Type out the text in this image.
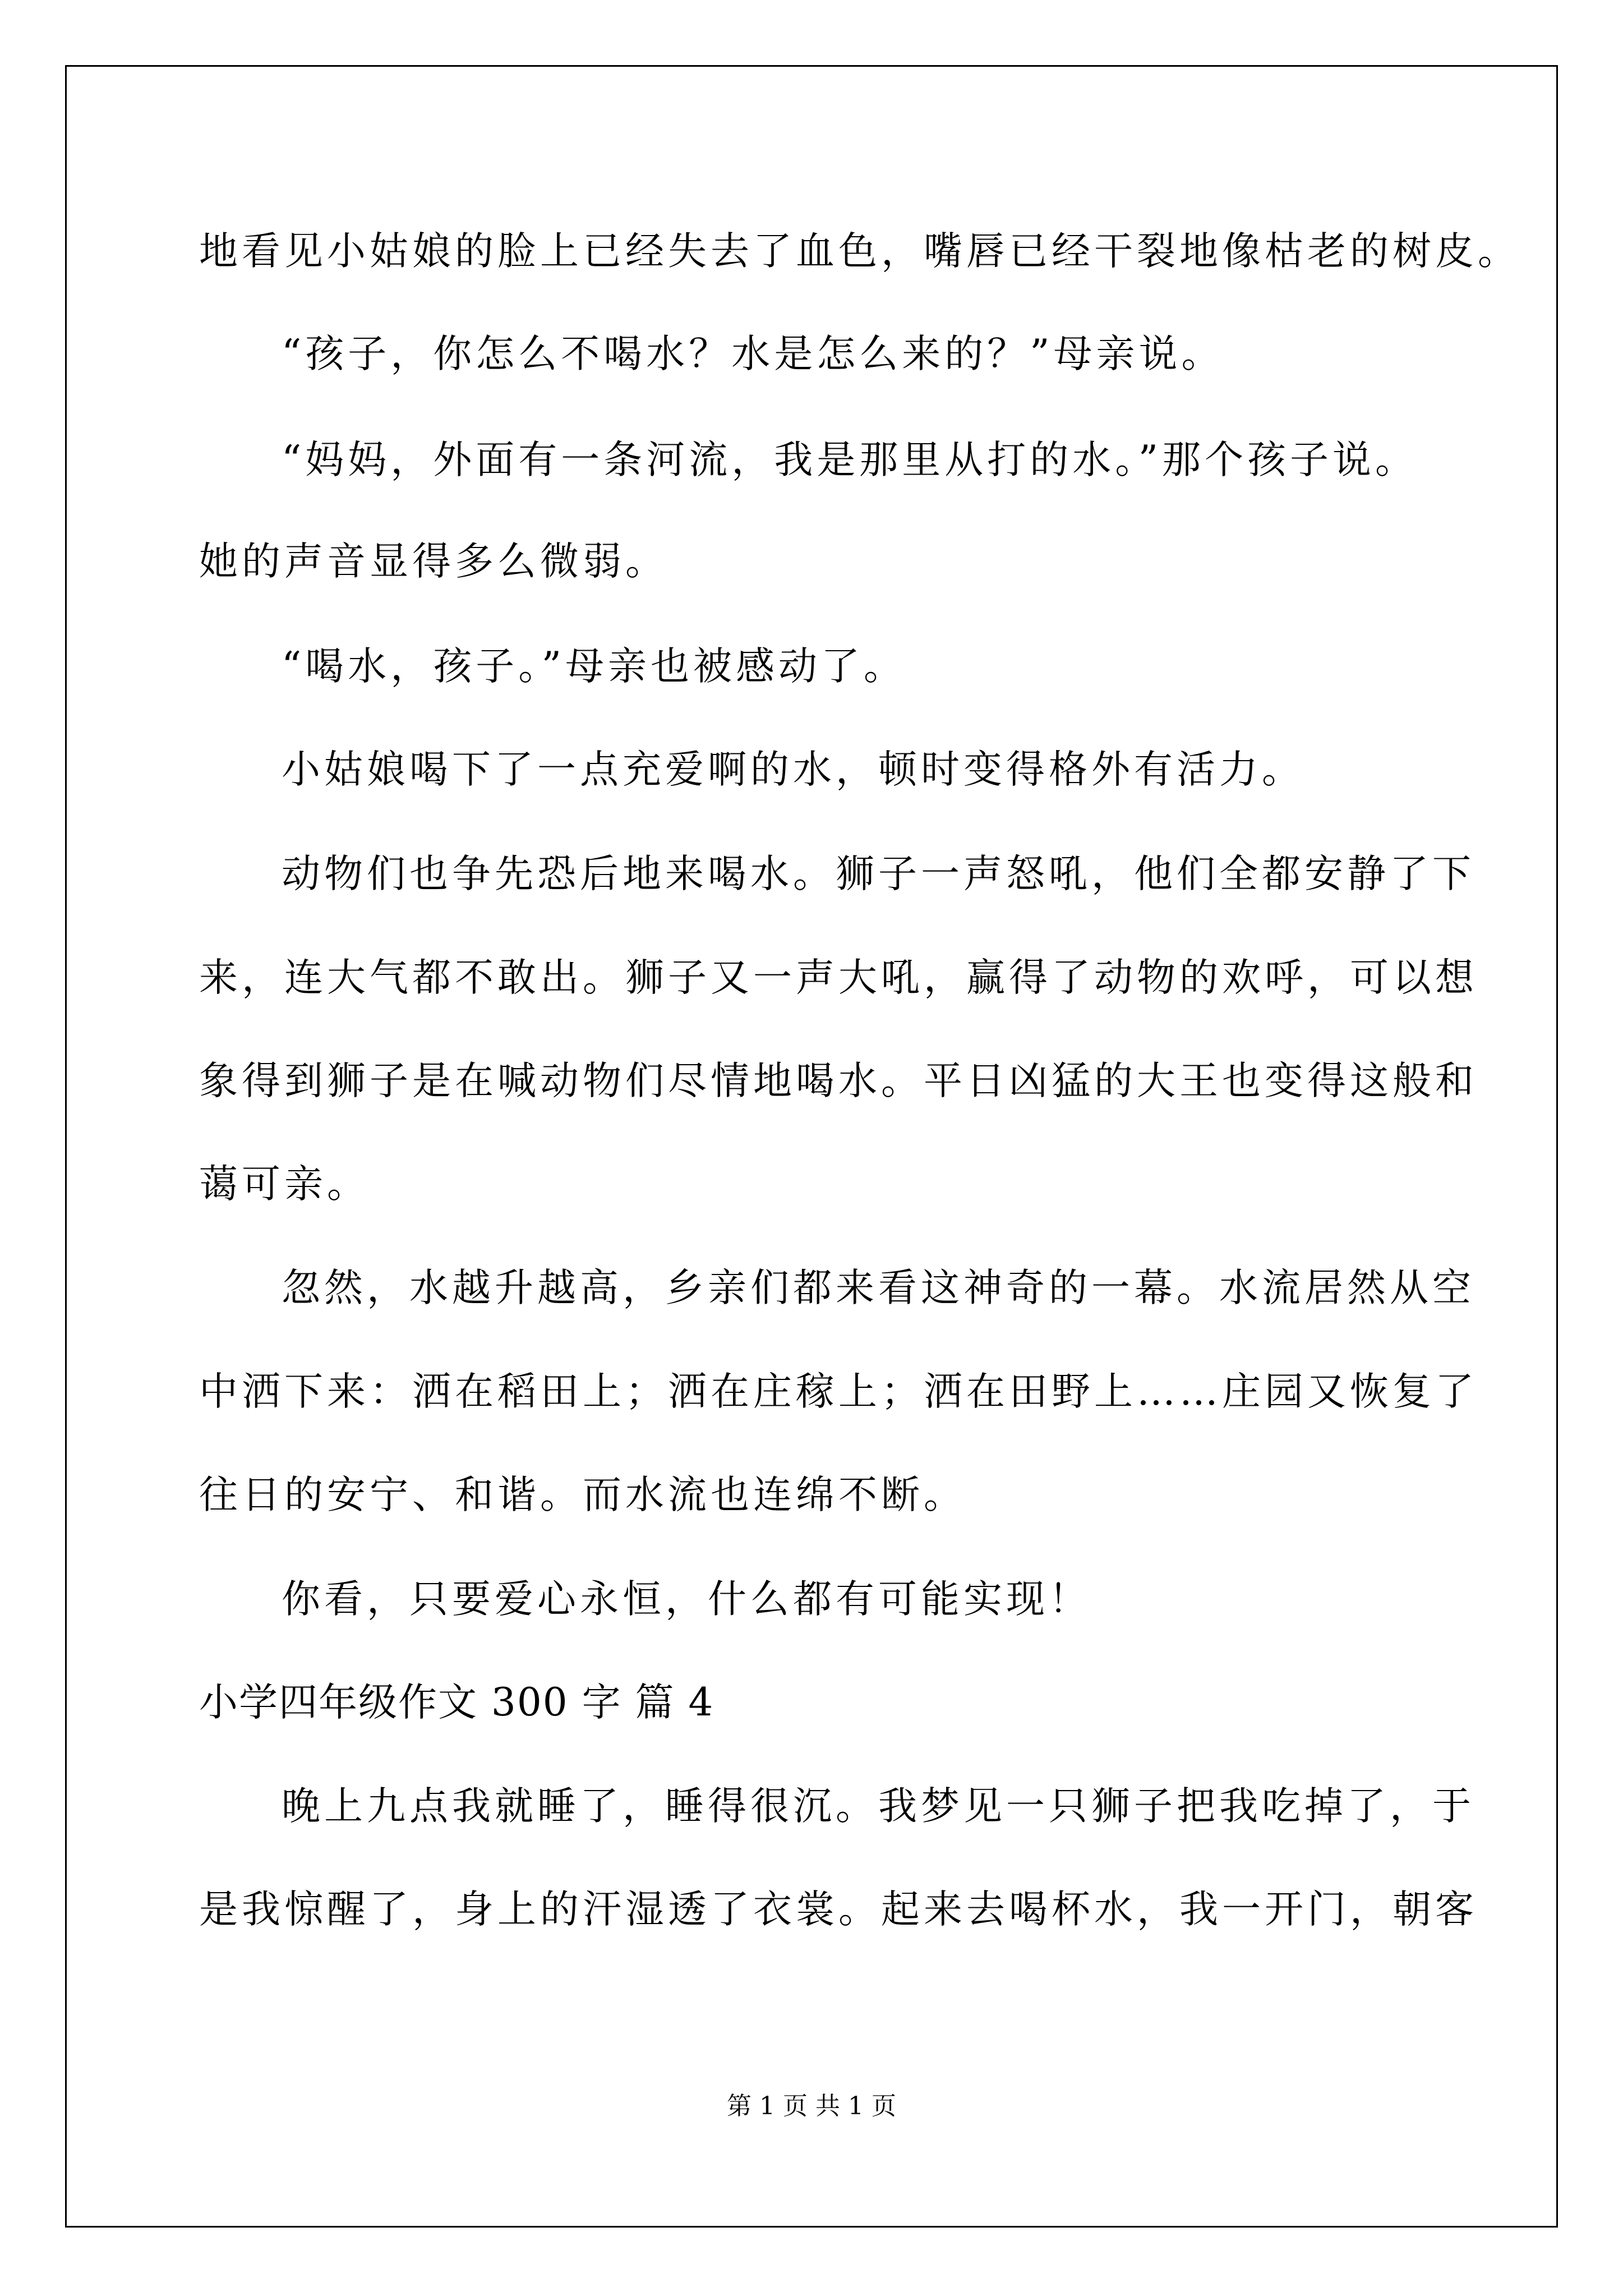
地看见小姑娘的脸上已经失去了血色，嘴唇已经干裂地像枯老的树皮。

“孩子，你怎么不喝水？水是怎么来的？”母亲说。

“妈妈，外面有一条河流，我是那里从打的水。”那个孩子说。

她的声音显得多么微弱。

“喝水，孩子。”母亲也被感动了。

小姑娘喝下了一点充爱啊的水，顿时变得格外有活力。

动物们也争先恐后地来喝水。狮子一声怒吼，他们全都安静了下

来，连大气都不敢出。狮子又一声大吼，赢得了动物的欢呼，可以想

象得到狮子是在喊动物们尽情地喝水。平日凶猛的大王也变得这般和

蔼可亲。

忽然，水越升越高，乡亲们都来看这神奇的一幕。水流居然从空

中洒下来：洒在稻田上；洒在庄稼上；洒在田野上……庄园又恢复了

往日的安宁、和谐。而水流也连绵不断。

你看，只要爱心永恒，什么都有可能实现！

小学四年级作文 300 字 篇 4

晚上九点我就睡了，睡得很沉。我梦见一只狮子把我吃掉了，于

是我惊醒了，身上的汗湿透了衣裳。起来去喝杯水，我一开门，朝客

第 1 页 共 1 页
